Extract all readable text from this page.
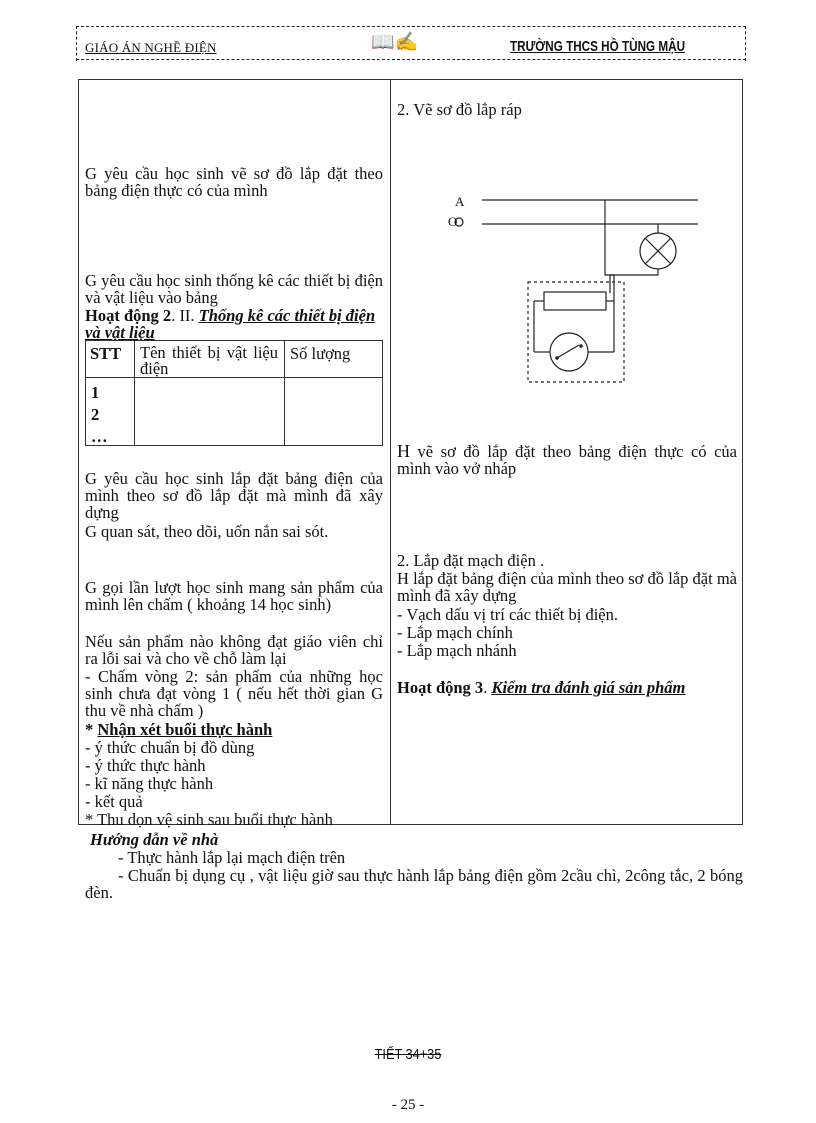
GIÁO ÁN NGHỀ ĐIỆN	📖✍	TRƯỜNG THCS HỒ TÙNG MẬU
G yêu cầu học sinh vẽ sơ đồ lắp đặt theo bảng điện thực có của mình
G yêu cầu học sinh thống kê các thiết bị điện và vật liệu vào bảng
Hoạt động 2. II. Thống kê các thiết bị điện và vật liệu
STT Tên thiết bị vật liệu điện
Số lượng
1
2
…
G yêu cầu học sinh lắp đặt bảng điện của mình theo sơ đồ lắp đặt mà mình đã xây dựng
G quan sát, theo dõi, uốn nắn sai sót.
G gọi lần lượt học sinh mang sản phẩm của mình lên chấm ( khoảng 14 học sinh)
Nếu sản phẩm nào không đạt giáo viên chỉ ra lỗi sai và cho về chỗ làm lại
- Chấm vòng 2: sản phẩm của những học sinh chưa đạt vòng 1 ( nếu hết thời gian G thu về nhà chấm )
* Nhận xét buổi thực hành
- ý thức chuẩn bị đồ dùng
- ý thức thực hành
- kĩ năng thực hành
- kết quả
* Thu dọn vệ sinh sau buổi thực hành
2. Vẽ sơ đồ lắp ráp
A
O
H vẽ sơ đồ lắp đặt theo bảng điện thực có của mình vào vở nháp
2. Lắp đặt mạch điện .
H lắp đặt bảng điện của mình theo sơ đồ lắp đặt mà mình đã xây dựng
- Vạch dấu vị trí các thiết bị điện.
- Lắp mạch chính
- Lắp mạch nhánh
Hoạt động 3. Kiểm tra đánh giá sản phẩm
Hướng dẫn về nhà
- Thực hành lắp lại mạch điện trên
- Chuẩn bị dụng cụ , vật liệu giờ sau thực hành lắp bảng điện gồm 2cầu chì, 2công tắc, 2 bóng đèn.
TIẾT 34+35
- 25 -
